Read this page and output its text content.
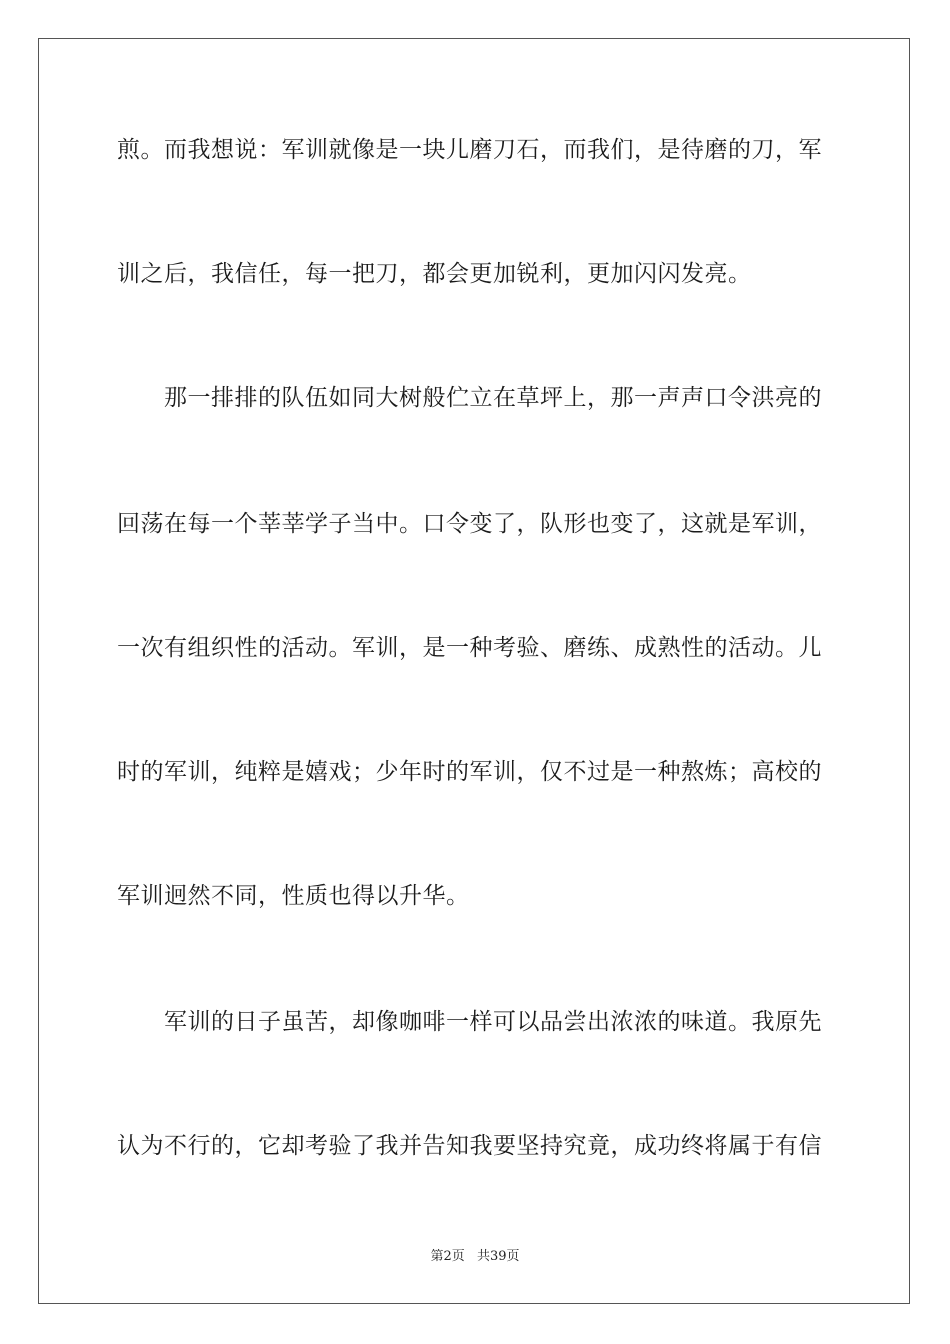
煎。而我想说：军训就像是一块儿磨刀石，而我们，是待磨的刀，军
训之后，我信任，每一把刀，都会更加锐利，更加闪闪发亮。
那一排排的队伍如同大树般伫立在草坪上，那一声声口令洪亮的
回荡在每一个莘莘学子当中。口令变了，队形也变了，这就是军训，
一次有组织性的活动。军训，是一种考验、磨练、成熟性的活动。儿
时的军训，纯粹是嬉戏；少年时的军训，仅不过是一种熬炼；高校的
军训迥然不同，性质也得以升华。
军训的日子虽苦，却像咖啡一样可以品尝出浓浓的味道。我原先
认为不行的，它却考验了我并告知我要坚持究竟，成功终将属于有信
第2页 共39页
